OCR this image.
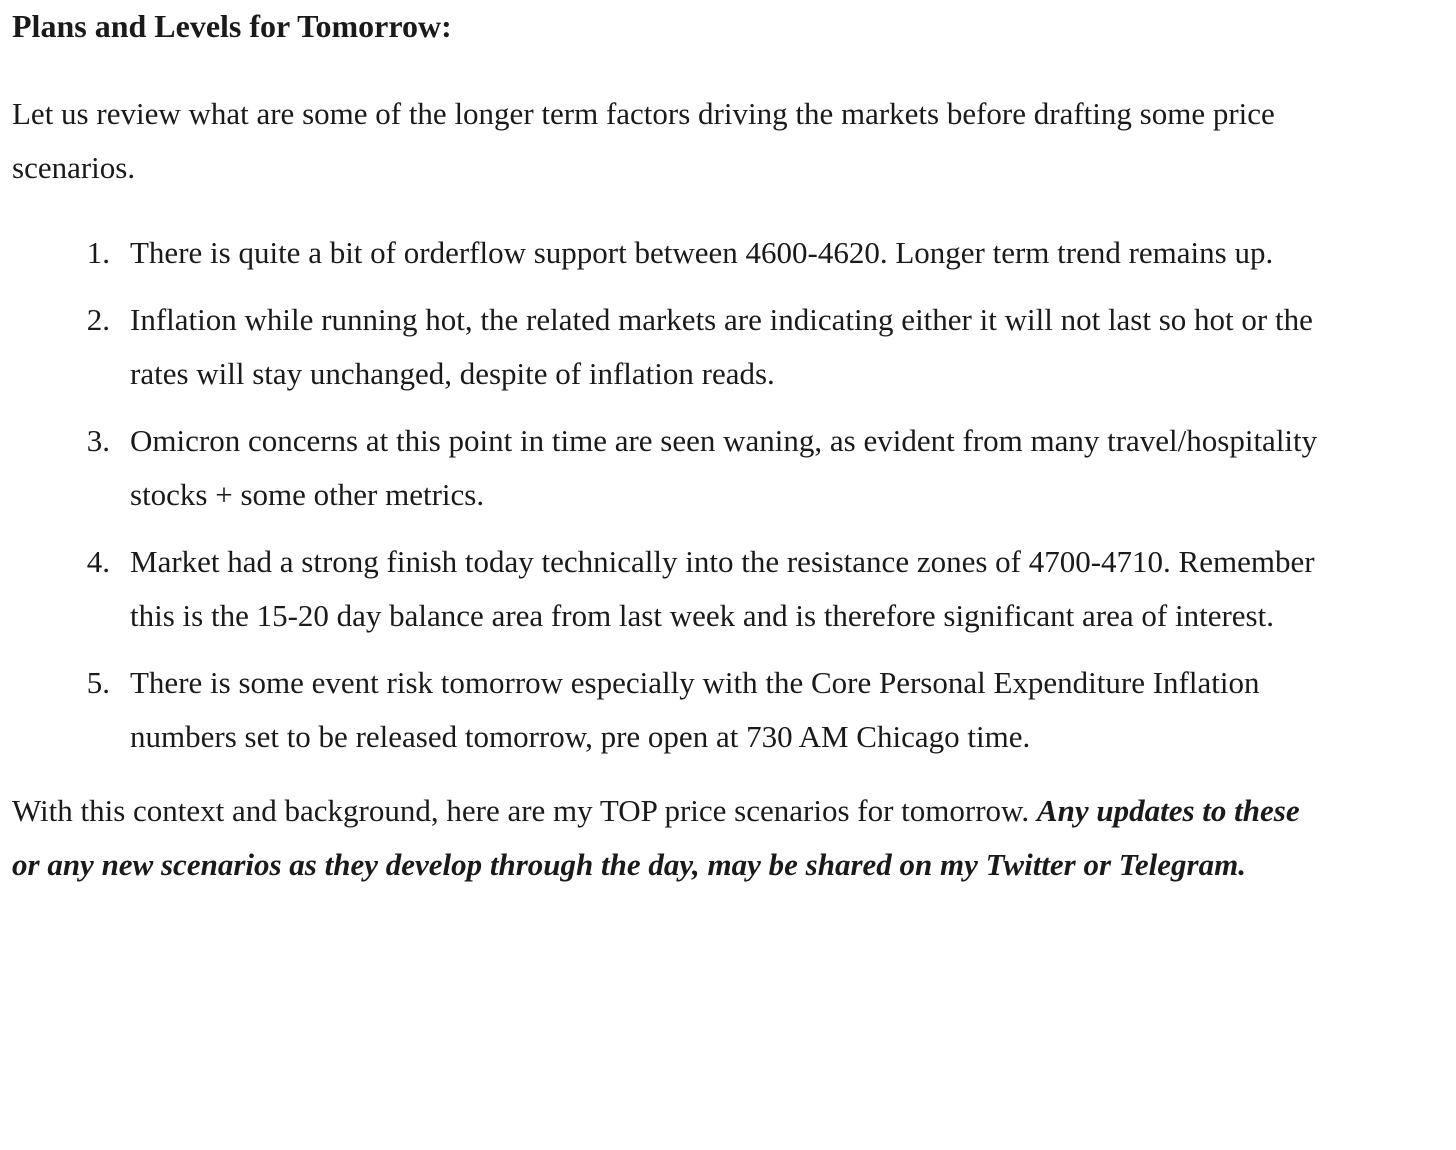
Plans and Levels for Tomorrow:

Let us review what are some of the longer term factors driving the markets before drafting some price scenarios.

1. There is quite a bit of orderflow support between 4600-4620. Longer term trend remains up.
2. Inflation while running hot, the related markets are indicating either it will not last so hot or the rates will stay unchanged, despite of inflation reads.
3. Omicron concerns at this point in time are seen waning, as evident from many travel/hospitality stocks + some other metrics.
4. Market had a strong finish today technically into the resistance zones of 4700-4710. Remember this is the 15-20 day balance area from last week and is therefore significant area of interest.
5. There is some event risk tomorrow especially with the Core Personal Expenditure Inflation numbers set to be released tomorrow, pre open at 730 AM Chicago time.

With this context and background, here are my TOP price scenarios for tomorrow. Any updates to these or any new scenarios as they develop through the day, may be shared on my Twitter or Telegram.
